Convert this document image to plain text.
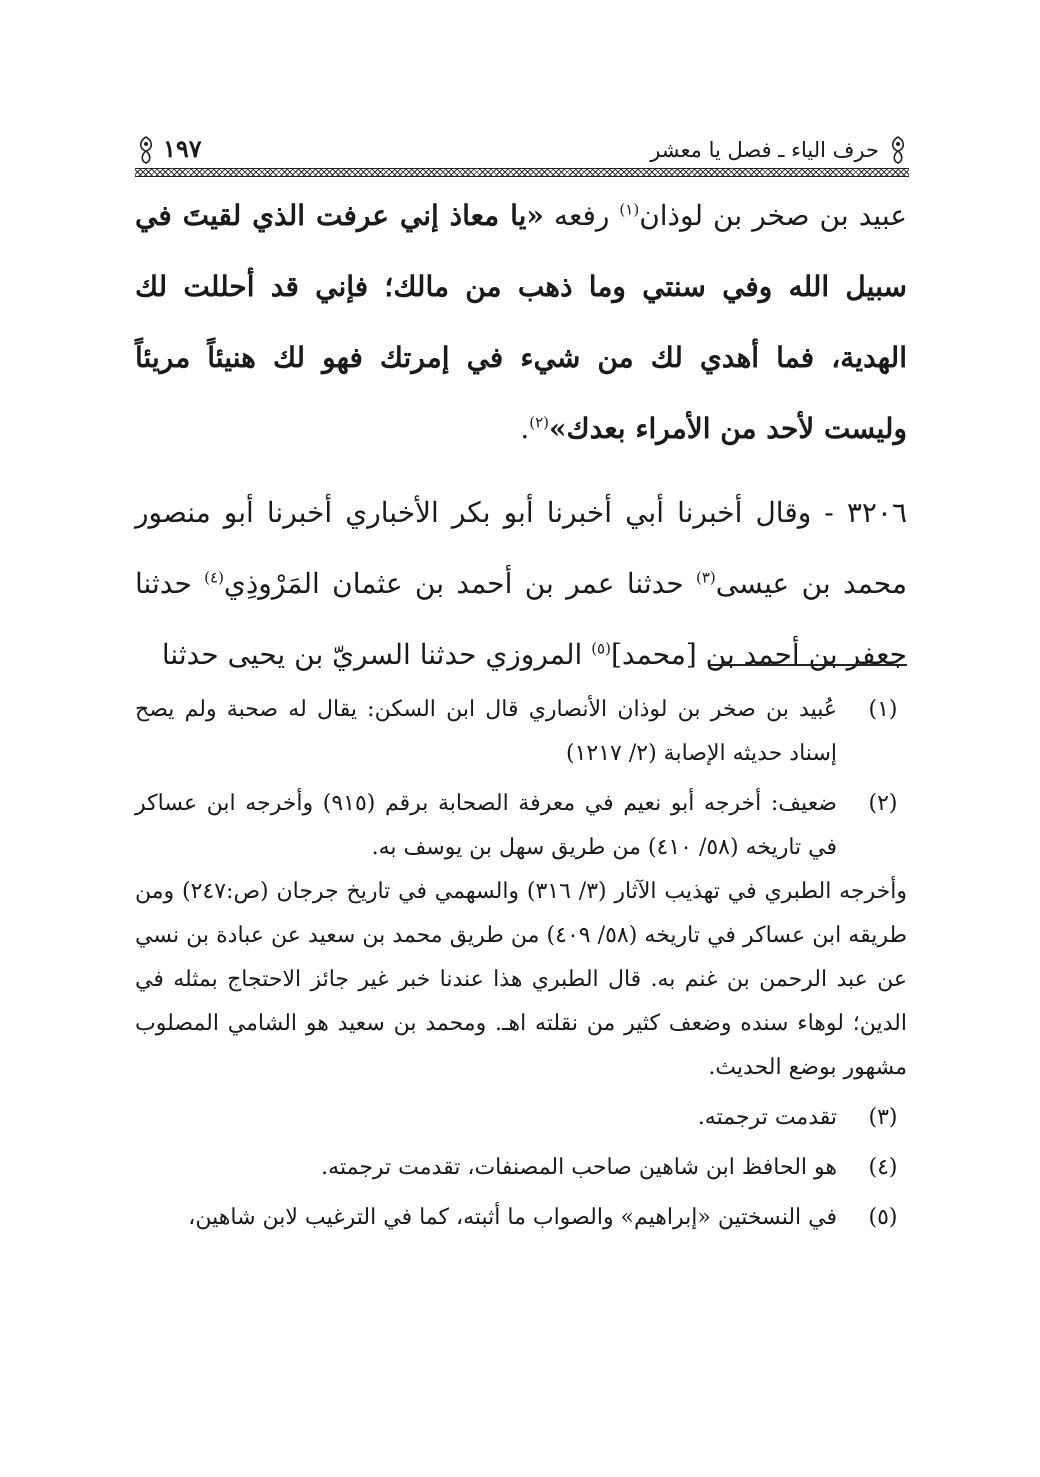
حرف الياء ـ فصل يا معشر
١٩٧

عبيد بن صخر بن لوذان$^{(١)}$ رفعه «يا معاذ إني عرفت الذي لقيتَ في سبيل الله وفي سنتي وما ذهب من مالك؛ فإني قد أحللت لك الهدية، فما أهدي لك من شيء في إمرتك فهو لك هنيئاً مريئاً وليست لأحد من الأمراء بعدك»$^{(٢)}$.

٣٢٠٦ - وقال أخبرنا أبي أخبرنا أبو بكر الأخباري أخبرنا أبو منصور محمد بن عيسى$^{(٣)}$ حدثنا عمر بن أحمد بن عثمان المَرْوذِي$^{(٤)}$ حدثنا جعفر بن أحمد بن [محمد]$^{(٥)}$ المروزي حدثنا السريّ بن يحيى حدثنا

(١)
عُبيد بن صخر بن لوذان الأنصاري قال ابن السكن: يقال له صحبة ولم يصح إسناد حديثه الإصابة (٢/ ١٢١٧)
(٢)
ضعيف: أخرجه أبو نعيم في معرفة الصحابة برقم (٩١٥) وأخرجه ابن عساكر في تاريخه (٥٨/ ٤١٠) من طريق سهل بن يوسف به.

وأخرجه الطبري في تهذيب الآثار (٣/ ٣١٦) والسهمي في تاريخ جرجان (ص:٢٤٧) ومن طريقه ابن عساكر في تاريخه (٥٨/ ٤٠٩) من طريق محمد بن سعيد عن عبادة بن نسي عن عبد الرحمن بن غنم به. قال الطبري هذا عندنا خبر غير جائز الاحتجاج بمثله في الدين؛ لوهاء سنده وضعف كثير من نقلته اهـ. ومحمد بن سعيد هو الشامي المصلوب مشهور بوضع الحديث.

(٣)
تقدمت ترجمته.
(٤)
هو الحافظ ابن شاهين صاحب المصنفات، تقدمت ترجمته.
(٥)
في النسختين «إبراهيم» والصواب ما أثبته، كما في الترغيب لابن شاهين،
